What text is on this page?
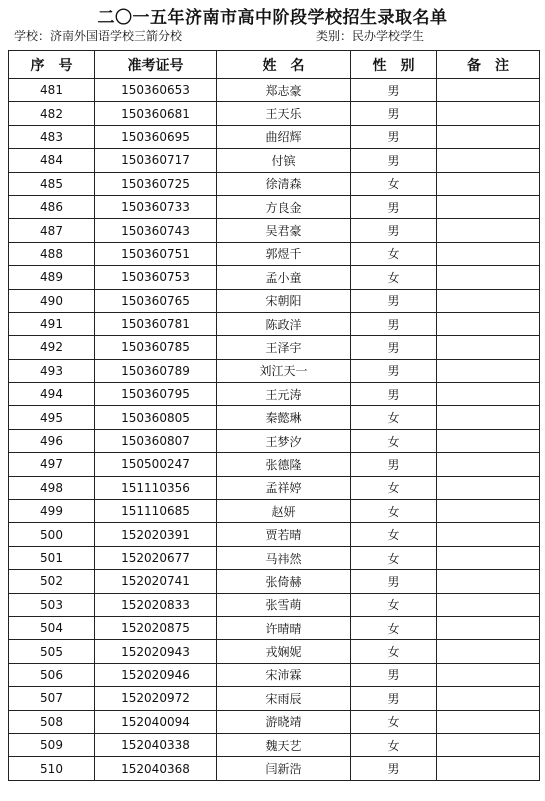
二〇一五年济南市高中阶段学校招生录取名单
学校：济南外国语学校三箭分校	类别：民办学校学生
序　号	准考证号	姓　名	性　别	备　注
481	150360653	郑志豪	男	
482	150360681	王天乐	男	
483	150360695	曲绍辉	男	
484	150360717	付镔	男	
485	150360725	徐清森	女	
486	150360733	方良金	男	
487	150360743	吴君豪	男	
488	150360751	郭煜千	女	
489	150360753	孟小童	女	
490	150360765	宋朝阳	男	
491	150360781	陈政洋	男	
492	150360785	王泽宇	男	
493	150360789	刘江天一	男	
494	150360795	王元涛	男	
495	150360805	秦懿琳	女	
496	150360807	王梦汐	女	
497	150500247	张德隆	男	
498	151110356	孟祥婷	女	
499	151110685	赵妍	女	
500	152020391	贾若晴	女	
501	152020677	马祎然	女	
502	152020741	张倚赫	男	
503	152020833	张雪萌	女	
504	152020875	许晴晴	女	
505	152020943	戎娴妮	女	
506	152020946	宋沛霖	男	
507	152020972	宋雨辰	男	
508	152040094	游晓靖	女	
509	152040338	魏天艺	女	
510	152040368	闫新浩	男	
